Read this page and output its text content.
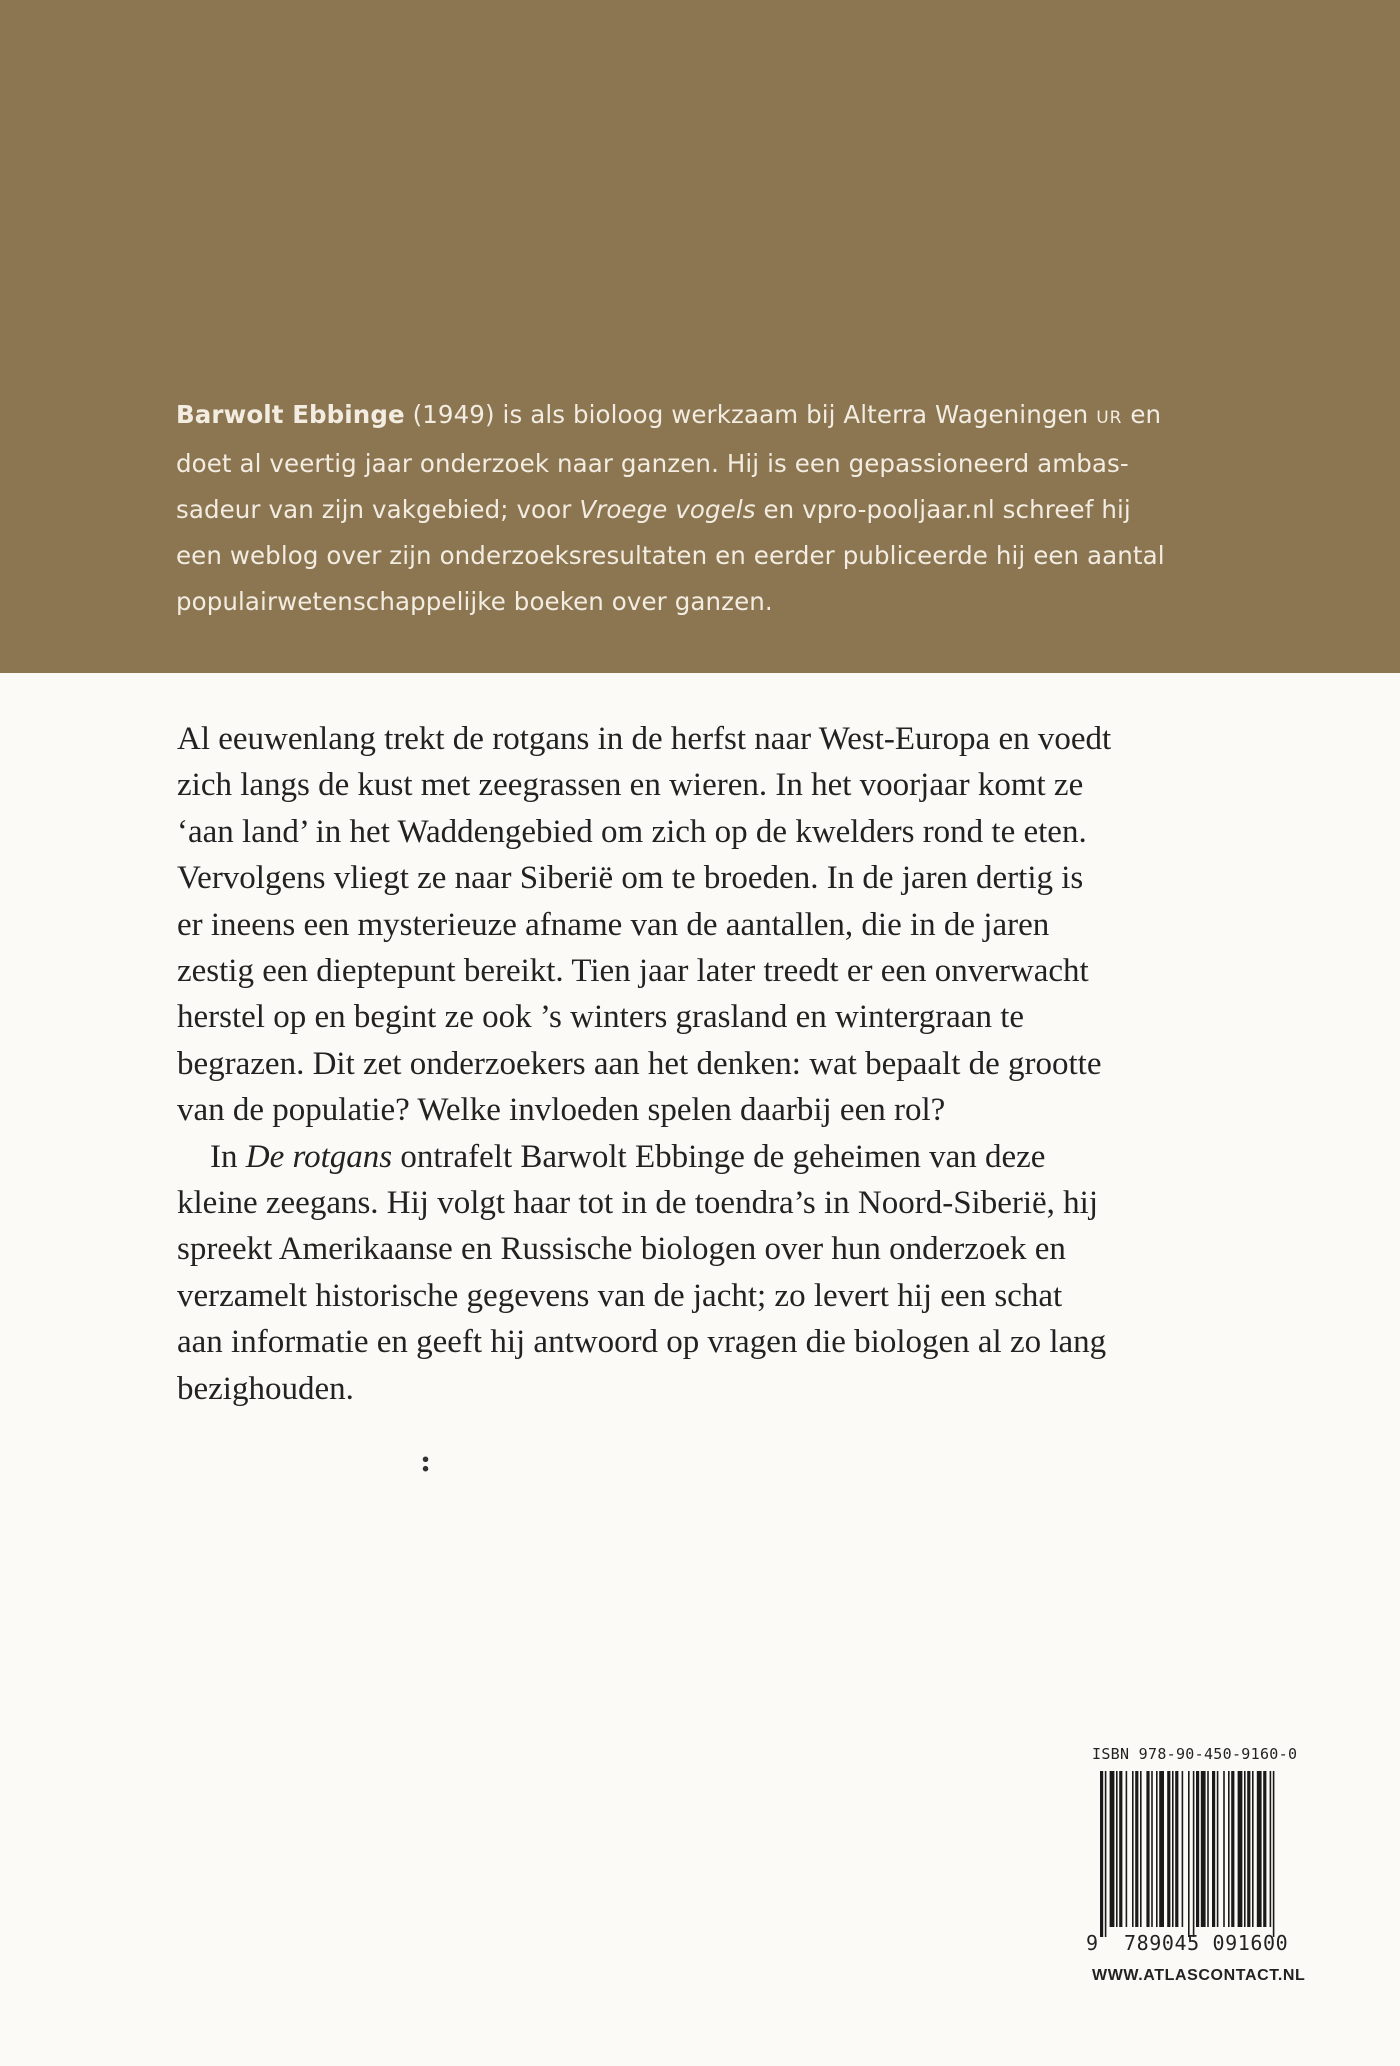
Barwolt Ebbinge (1949) is als bioloog werkzaam bij Alterra Wageningen UR en
doet al veertig jaar onderzoek naar ganzen. Hij is een gepassioneerd ambas-
sadeur van zijn vakgebied; voor Vroege vogels en vpro-pooljaar.nl schreef hij
een weblog over zijn onderzoeksresultaten en eerder publiceerde hij een aantal
populairwetenschappelijke boeken over ganzen.

Al eeuwenlang trekt de rotgans in de herfst naar West-Europa en voedt
zich langs de kust met zeegrassen en wieren. In het voorjaar komt ze
‘aan land’ in het Waddengebied om zich op de kwelders rond te eten.
Vervolgens vliegt ze naar Siberië om te broeden. In de jaren dertig is
er ineens een mysterieuze afname van de aantallen, die in de jaren
zestig een dieptepunt bereikt. Tien jaar later treedt er een onverwacht
herstel op en begint ze ook ’s winters grasland en wintergraan te
begrazen. Dit zet onderzoekers aan het denken: wat bepaalt de grootte
van de populatie? Welke invloeden spelen daarbij een rol?
In De rotgans ontrafelt Barwolt Ebbinge de geheimen van deze
kleine zeegans. Hij volgt haar tot in de toendra’s in Noord-Siberië, hij
spreekt Amerikaanse en Russische biologen over hun onderzoek en
verzamelt historische gegevens van de jacht; zo levert hij een schat
aan informatie en geeft hij antwoord op vragen die biologen al zo lang
bezighouden.
:
ISBN 978-90-450-9160-0
9 789045 091600
WWW.ATLASCONTACT.NL
